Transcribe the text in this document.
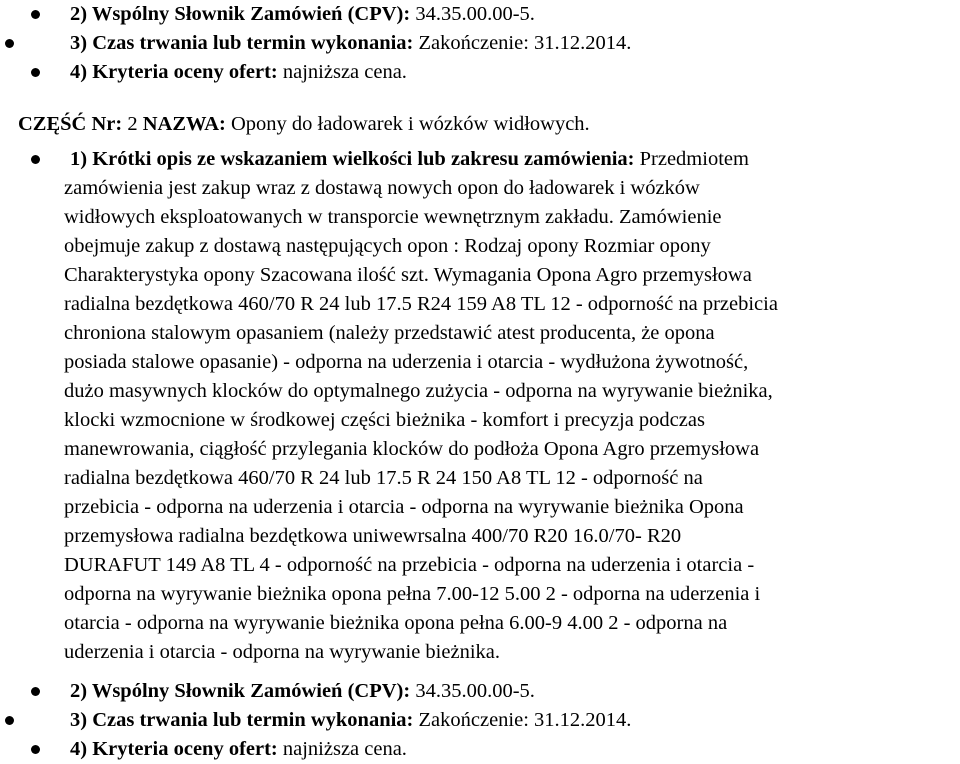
2) Wspólny Słownik Zamówień (CPV): 34.35.00.00-5.
3) Czas trwania lub termin wykonania: Zakończenie: 31.12.2014.
4) Kryteria oceny ofert: najniższa cena.
CZĘŚĆ Nr: 2 NAZWA: Opony do ładowarek i wózków widłowych.
1) Krótki opis ze wskazaniem wielkości lub zakresu zamówienia: Przedmiotem
zamówienia jest zakup wraz z dostawą nowych opon do ładowarek i wózków
widłowych eksploatowanych w transporcie wewnętrznym zakładu. Zamówienie
obejmuje zakup z dostawą następujących opon : Rodzaj opony Rozmiar opony
Charakterystyka opony Szacowana ilość szt. Wymagania Opona Agro przemysłowa
radialna bezdętkowa 460/70 R 24 lub 17.5 R24 159 A8 TL 12 - odporność na przebicia
chroniona stalowym opasaniem (należy przedstawić atest producenta, że opona
posiada stalowe opasanie) - odporna na uderzenia i otarcia - wydłużona żywotność,
dużo masywnych klocków do optymalnego zużycia - odporna na wyrywanie bieżnika,
klocki wzmocnione w środkowej części bieżnika - komfort i precyzja podczas
manewrowania, ciągłość przylegania klocków do podłoża Opona Agro przemysłowa
radialna bezdętkowa 460/70 R 24 lub 17.5 R 24 150 A8 TL 12 - odporność na
przebicia - odporna na uderzenia i otarcia - odporna na wyrywanie bieżnika Opona
przemysłowa radialna bezdętkowa uniwewrsalna 400/70 R20 16.0/70- R20
DURAFUT 149 A8 TL 4 - odporność na przebicia - odporna na uderzenia i otarcia -
odporna na wyrywanie bieżnika opona pełna 7.00-12 5.00 2 - odporna na uderzenia i
otarcia - odporna na wyrywanie bieżnika opona pełna 6.00-9 4.00 2 - odporna na
uderzenia i otarcia - odporna na wyrywanie bieżnika.
2) Wspólny Słownik Zamówień (CPV): 34.35.00.00-5.
3) Czas trwania lub termin wykonania: Zakończenie: 31.12.2014.
4) Kryteria oceny ofert: najniższa cena.
